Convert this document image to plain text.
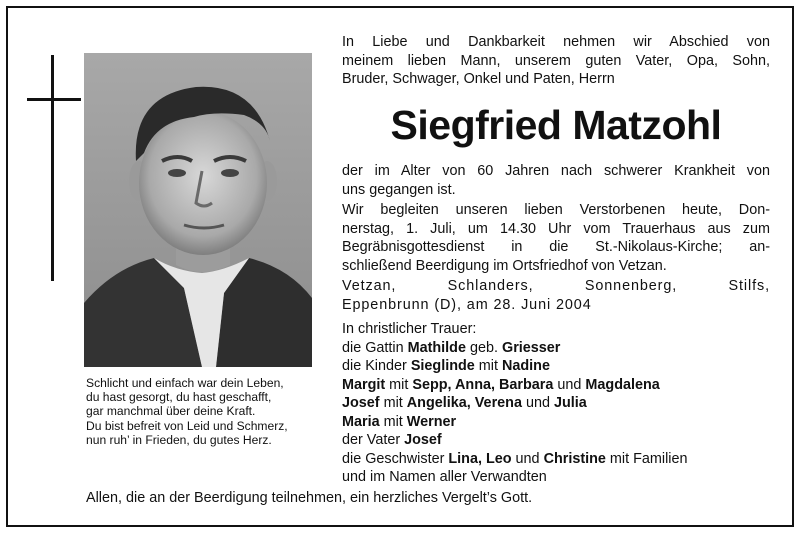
Schlicht und einfach war dein Leben,
du hast gesorgt, du hast geschafft,
gar manchmal über deine Kraft.
Du bist befreit von Leid und Schmerz,
nun ruh’ in Frieden, du gutes Herz.
In Liebe und Dankbarkeit nehmen wir Abschied von
meinem lieben Mann, unserem guten Vater, Opa, Sohn,
Bruder, Schwager, Onkel und Paten, Herrn
Siegfried Matzohl
der im Alter von 60 Jahren nach schwerer Krankheit von
uns gegangen ist.
Wir begleiten unseren lieben Verstorbenen heute, Don-
nerstag, 1. Juli, um 14.30 Uhr vom Trauerhaus aus zum
Begräbnisgottesdienst in die St.-Nikolaus-Kirche; an-
schließend Beerdigung im Ortsfriedhof von Vetzan.
Vetzan, Schlanders, Sonnenberg, Stilfs,
Eppenbrunn (D), am 28. Juni 2004
In christlicher Trauer:
die Gattin Mathilde geb. Griesser
die Kinder Sieglinde mit Nadine
Margit mit Sepp, Anna, Barbara und Magdalena
Josef mit Angelika, Verena und Julia
Maria mit Werner
der Vater Josef
die Geschwister Lina, Leo und Christine mit Familien
und im Namen aller Verwandten
Allen, die an der Beerdigung teilnehmen, ein herzliches Vergelt’s Gott.
